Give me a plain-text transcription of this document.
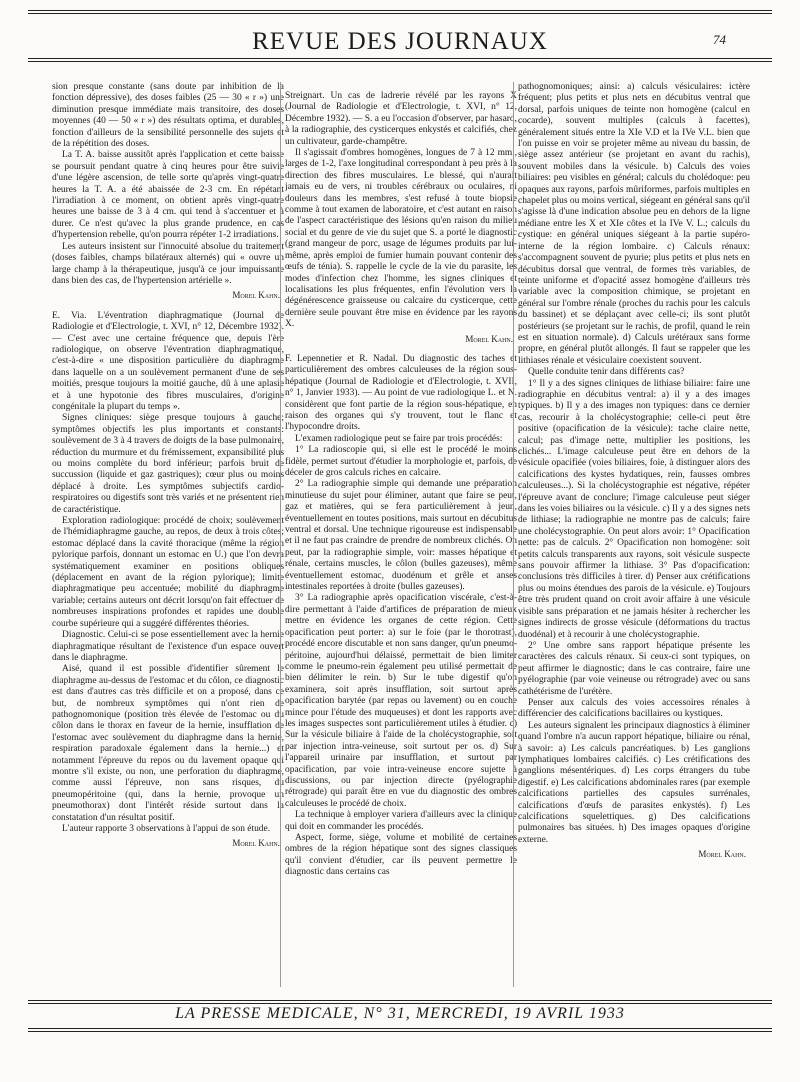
REVUE DES JOURNAUX	74

sion presque constante (sans doute par inhibition de la fonction dépressive), des doses faibles (25 — 30 « r ») une diminution presque immédiate mais transitoire, des doses moyennes (40 — 50 « r ») des résultats optima, et durables, fonction d'ailleurs de la sensibilité personnelle des sujets et de la répétition des doses.

La T. A. baisse aussitôt après l'application et cette baisse se poursuit pendant quatre à cinq heures pour être suivie d'une légère ascension, de telle sorte qu'après vingt-quatre heures la T. A. a été abaissée de 2-3 cm. En répétant l'irradiation à ce moment, on obtient après vingt-quatre heures une baisse de 3 à 4 cm. qui tend à s'accentuer et à durer. Ce n'est qu'avec la plus grande prudence, en cas d'hypertension rebelle, qu'on pourra répéter 1-2 irradiations.

Les auteurs insistent sur l'innocuité absolue du traitement (doses faibles, champs bilatéraux alternés) qui « ouvre un large champ à la thérapeutique, jusqu'à ce jour impuissante dans bien des cas, de l'hypertension artérielle ».

Morel Kahn.

E. Via. L'éventration diaphragmatique (Journal de Radiologie et d'Electrologie, t. XVI, n° 12, Décembre 1932). — C'est avec une certaine fréquence que, depuis l'ère radiologique, on observe l'éventration diaphragmatique, c'est-à-dire « une disposition particulière du diaphragme dans laquelle on a un soulèvement permanent d'une de ses moitiés, presque toujours la moitié gauche, dû à une aplasie et à une hypotonie des fibres musculaires, d'origine congénitale la plupart du temps ».

Signes cliniques: siège presque toujours à gauche; symptômes objectifs les plus importants et constants: soulèvement de 3 à 4 travers de doigts de la base pulmonaire, réduction du murmure et du frémissement, expansibilité plus ou moins complète du bord inférieur; parfois bruit de succussion (liquide et gaz gastriques); cœur plus ou moins déplacé à droite. Les symptômes subjectifs cardio-respiratoires ou digestifs sont très variés et ne présentent rien de caractéristique.

Exploration radiologique: procédé de choix; soulèvement de l'hémidiaphragme gauche, au repos, de deux à trois côtes; estomac déplacé dans la cavité thoracique (même la région pylorique parfois, donnant un estomac en U.) que l'on devra systématiquement examiner en positions obliques (déplacement en avant de la région pylorique); limite diaphragmatique peu accentuée; mobilité du diaphragme variable; certains auteurs ont décrit lorsqu'on fait effectuer de nombreuses inspirations profondes et rapides une double courbe supérieure qui a suggéré différentes théories.

Diagnostic. Celui-ci se pose essentiellement avec la hernie diaphragmatique résultant de l'existence d'un espace ouvert dans le diaphragme.

Aisé, quand il est possible d'identifier sûrement le diaphragme au-dessus de l'estomac et du côlon, ce diagnostic est dans d'autres cas très difficile et on a proposé, dans ce but, de nombreux symptômes qui n'ont rien de pathognomonique (position très élevée de l'estomac ou du côlon dans le thorax en faveur de la hernie, insufflation de l'estomac avec soulèvement du diaphragme dans la hernie, respiration paradoxale également dans la hernie...) et notamment l'épreuve du repos ou du lavement opaque qui montre s'il existe, ou non, une perforation du diaphragme, comme aussi l'épreuve, non sans risques, du pneumopéritoine (qui, dans la hernie, provoque un pneumothorax) dont l'intérêt réside surtout dans la constatation d'un résultat positif.

L'auteur rapporte 3 observations à l'appui de son étude.

Morel Kahn.

Streignart. Un cas de ladrerie révélé par les rayons X (Journal de Radiologie et d'Electrologie, t. XVI, n° 12, Décembre 1932). — S. a eu l'occasion d'observer, par hasard, à la radiographie, des cysticerques enkystés et calcifiés, chez un cultivateur, garde-champêtre.

Il s'agissait d'ombres homogènes, longues de 7 à 12 mm., larges de 1-2, l'axe longitudinal correspondant à peu près à la direction des fibres musculaires. Le blessé, qui n'aurait jamais eu de vers, ni troubles cérébraux ou oculaires, ni douleurs dans les membres, s'est refusé à toute biopsie comme à tout examen de laboratoire, et c'est autant en raison de l'aspect caractéristique des lésions qu'en raison du milieu social et du genre de vie du sujet que S. a porté le diagnostic (grand mangeur de porc, usage de légumes produits par lui-même, après emploi de fumier humain pouvant contenir des œufs de ténia). S. rappelle le cycle de la vie du parasite, les modes d'infection chez l'homme, les signes cliniques et localisations les plus fréquentes, enfin l'évolution vers la dégénérescence graisseuse ou calcaire du cysticerque, cette dernière seule pouvant être mise en évidence par les rayons X.

Morel Kahn.

F. Lepennetier et R. Nadal. Du diagnostic des taches et particulièrement des ombres calculeuses de la région sous-hépatique (Journal de Radiologie et d'Electrologie, t. XVII, n° 1, Janvier 1933). — Au point de vue radiologique L. et N. considèrent que font partie de la région sous-hépatique, en raison des organes qui s'y trouvent, tout le flanc et l'hypocondre droits.

L'examen radiologique peut se faire par trois procédés:

1° La radioscopie qui, si elle est le procédé le moins fidèle, permet surtout d'étudier la morphologie et, parfois, de déceler de gros calculs riches en calcaire.

2° La radiographie simple qui demande une préparation minutieuse du sujet pour éliminer, autant que faire se peut, gaz et matières, qui se fera particulièrement à jeun, éventuellement en toutes positions, mais surtout en décubitus ventral et dorsal. Une technique rigoureuse est indispensable et il ne faut pas craindre de prendre de nombreux clichés. On peut, par la radiographie simple, voir: masses hépatique et rénale, certains muscles, le côlon (bulles gazeuses), même éventuellement estomac, duodénum et grêle et anses intestinales reportées à droite (bulles gazeuses).

3° La radiographie après opacification viscérale, c'est-à-dire permettant à l'aide d'artifices de préparation de mieux mettre en évidence les organes de cette région. Cette opacification peut porter: a) sur le foie (par le thorotrast), procédé encore discutable et non sans danger, qu'un pneumo-péritoine, aujourd'hui délaissé, permettait de bien limiter comme le pneumo-rein également peu utilisé permettait de bien délimiter le rein. b) Sur le tube digestif qu'on examinera, soit après insufflation, soit surtout après opacification barytée (par repas ou lavement) ou en couche mince pour l'étude des muqueuses) et dont les rapports avec les images suspectes sont particulièrement utiles à étudier. c) Sur la vésicule biliaire à l'aide de la cholécystographie, soit par injection intra-veineuse, soit surtout per os. d) Sur l'appareil urinaire par insufflation, et surtout par opacification, par voie intra-veineuse encore sujette à discussions, ou par injection directe (pyélographie rétrograde) qui paraît être en vue du diagnostic des ombres calculeuses le procédé de choix.

La technique à employer variera d'ailleurs avec la clinique qui doit en commander les procédés.

Aspect, forme, siège, volume et mobilité de certaines ombres de la région hépatique sont des signes classiques qu'il convient d'étudier, car ils peuvent permettre le diagnostic dans certains cas

pathognomoniques; ainsi: a) calculs vésiculaires: ictère fréquent; plus petits et plus nets en décubitus ventral que dorsal, parfois uniques de teinte non homogène (calcul en cocarde), souvent multiples (calculs à facettes), généralement situés entre la XIe V.D et la IVe V.L. bien que l'on puisse en voir se projeter même au niveau du bassin, de siège assez antérieur (se projetant en avant du rachis), souvent mobiles dans la vésicule. b) Calculs des voies biliaires: peu visibles en général; calculs du cholédoque: peu opaques aux rayons, parfois mûriformes, parfois multiples en chapelet plus ou moins vertical, siégeant en général sans qu'il s'agisse là d'une indication absolue peu en dehors de la ligne médiane entre les X et XIe côtes et la IVe V. L.; calculs du cystique: en général uniques siégeant à la partie supéro-interne de la région lombaire. c) Calculs rénaux: s'accompagnent souvent de pyurie; plus petits et plus nets en décubitus dorsal que ventral, de formes très variables, de teinte uniforme et d'opacité assez homogène d'ailleurs très variable avec la composition chimique, se projetant en général sur l'ombre rénale (proches du rachis pour les calculs du bassinet) et se déplaçant avec celle-ci; ils sont plutôt postérieurs (se projetant sur le rachis, de profil, quand le rein est en situation normale). d) Calculs urétéraux sans forme propre, en général plutôt allongés. Il faut se rappeler que les lithiases rénale et vésiculaire coexistent souvent.

Quelle conduite tenir dans différents cas?

1° Il y a des signes cliniques de lithiase biliaire: faire une radiographie en décubitus ventral: a) il y a des images typiques. b) Il y a des images non typiques: dans ce dernier cas, recourir à la cholécystographie; celle-ci peut être positive (opacification de la vésicule): tache claire nette, calcul; pas d'image nette, multiplier les positions, les clichés... L'image calculeuse peut être en dehors de la vésicule opacifiée (voies biliaires, foie, à distinguer alors des calcifications des kystes hydatiques, rein, fausses ombres calculeuses...). Si la cholécystographie est négative, répéter l'épreuve avant de conclure; l'image calculeuse peut siéger dans les voies biliaires ou la vésicule. c) Il y a des signes nets de lithiase; la radiographie ne montre pas de calculs; faire une cholécystographie. On peut alors avoir: 1° Opacification nette: pas de calculs. 2° Opacification non homogène: soit petits calculs transparents aux rayons, soit vésicule suspecte sans pouvoir affirmer la lithiase. 3° Pas d'opacification: conclusions très difficiles à tirer. d) Penser aux crétifications plus ou moins étendues des parois de la vésicule. e) Toujours être très prudent quand on croit avoir affaire à une vésicule visible sans préparation et ne jamais hésiter à rechercher les signes indirects de grosse vésicule (déformations du tractus duodénal) et à recourir à une cholécystographie.

2° Une ombre sans rapport hépatique présente les caractères des calculs rénaux. Si ceux-ci sont typiques, on peut affirmer le diagnostic; dans le cas contraire, faire une pyélographie (par voie veineuse ou rétrograde) avec ou sans cathétérisme de l'urétère.

Penser aux calculs des voies accessoires rénales à différencier des calcifications bacillaires ou kystiques.

Les auteurs signalent les principaux diagnostics à éliminer quand l'ombre n'a aucun rapport hépatique, biliaire ou rénal, à savoir: a) Les calculs pancréatiques. b) Les ganglions lymphatiques lombaires calcifiés. c) Les crétifications des ganglions mésentériques. d) Les corps étrangers du tube digestif. e) Les calcifications abdominales rares (par exemple calcifications partielles des capsules surrénales, calcifications d'œufs de parasites enkystés). f) Les calcifications squelettiques. g) Des calcifications pulmonaires bas situées. h) Des images opaques d'origine externe.

Morel Kahn.

LA PRESSE MEDICALE, N° 31, MERCREDI, 19 AVRIL 1933
